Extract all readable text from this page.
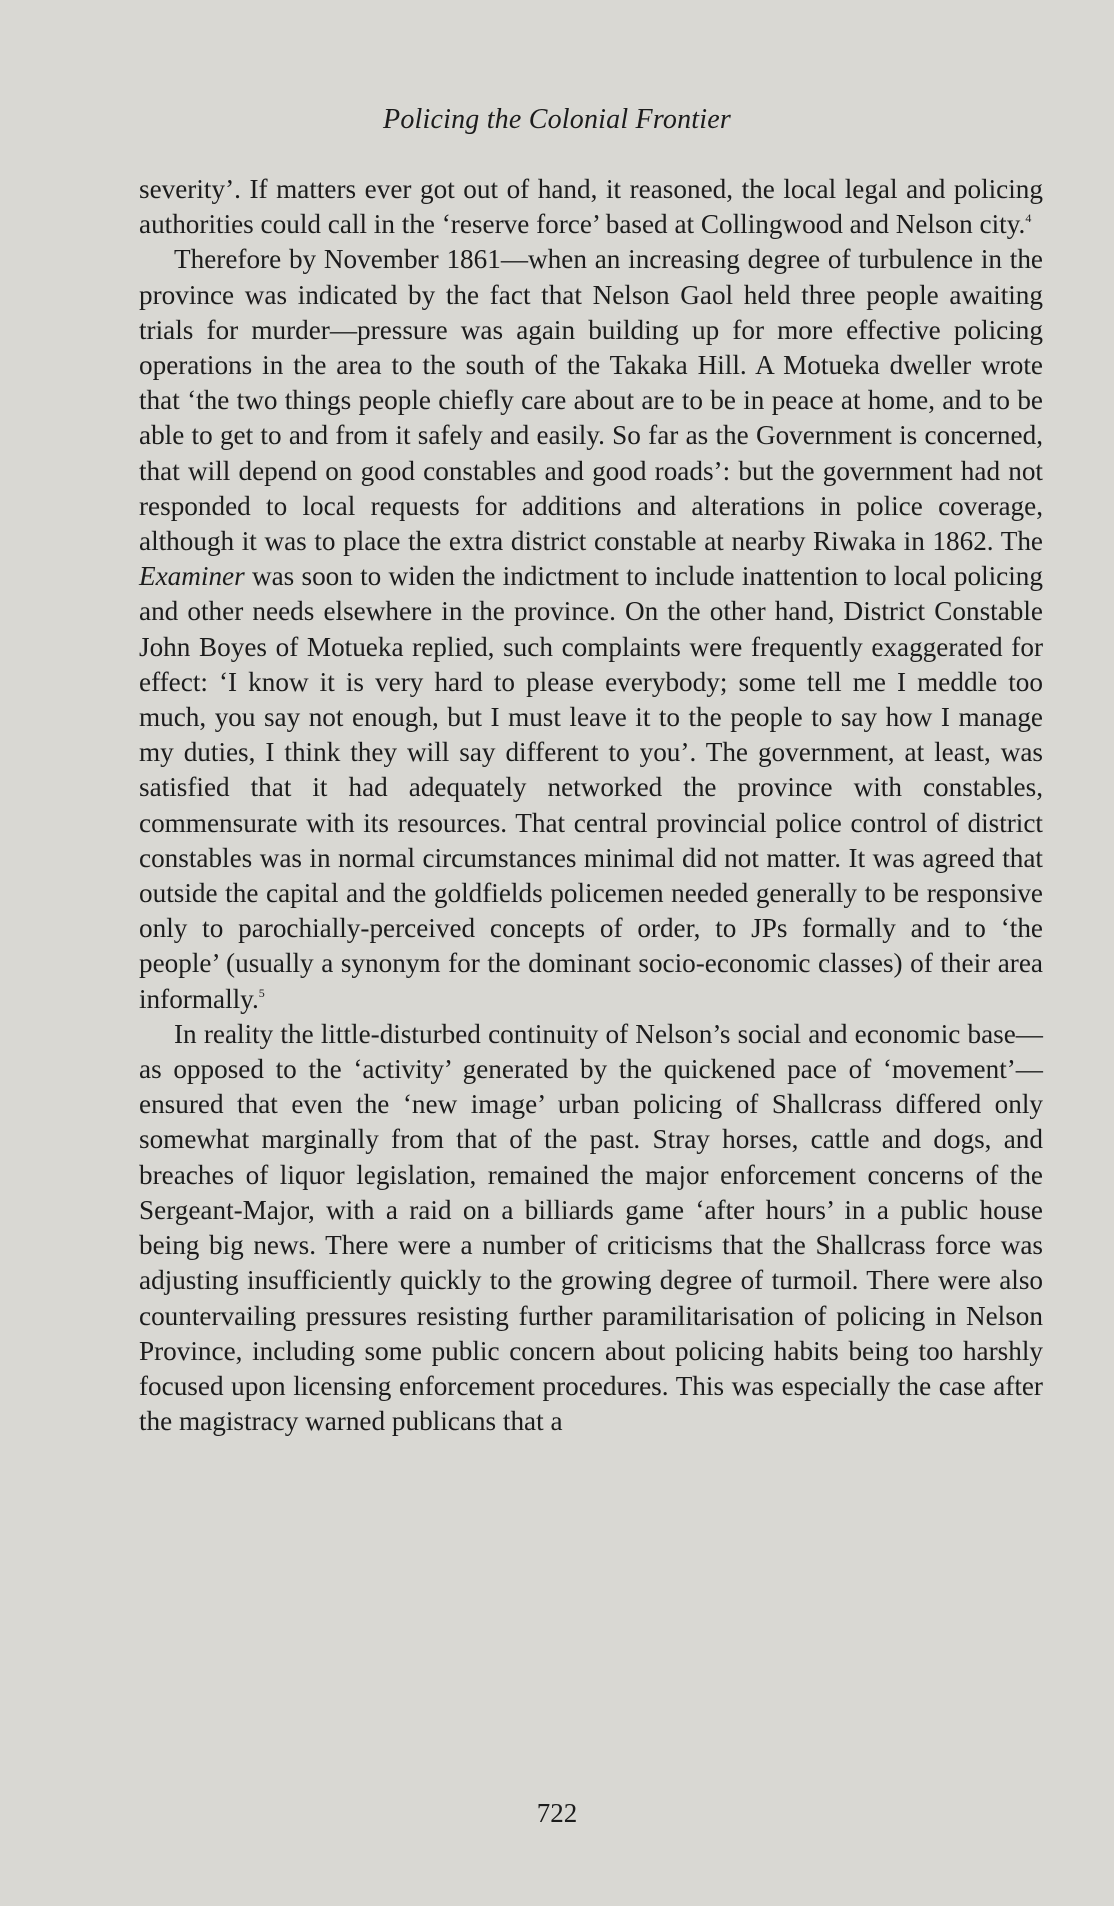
Policing the Colonial Frontier

severity’. If matters ever got out of hand, it reasoned, the local legal and policing authorities could call in the ‘reserve force’ based at Collingwood and Nelson city.$^4$

Therefore by November 1861—when an increasing degree of turbulence in the province was indicated by the fact that Nelson Gaol held three people awaiting trials for murder—pressure was again building up for more effective policing operations in the area to the south of the Takaka Hill. A Motueka dweller wrote that ‘the two things people chiefly care about are to be in peace at home, and to be able to get to and from it safely and easily. So far as the Government is concerned, that will depend on good constables and good roads’: but the government had not responded to local requests for additions and alterations in police coverage, although it was to place the extra district constable at nearby Riwaka in 1862. The Examiner was soon to widen the indictment to include inattention to local policing and other needs elsewhere in the province. On the other hand, District Constable John Boyes of Motueka replied, such complaints were frequently exaggerated for effect: ‘I know it is very hard to please everybody; some tell me I meddle too much, you say not enough, but I must leave it to the people to say how I manage my duties, I think they will say different to you’. The government, at least, was satisfied that it had adequately networked the province with constables, commensurate with its resources. That central provincial police control of district constables was in normal circumstances minimal did not matter. It was agreed that outside the capital and the goldfields policemen needed generally to be responsive only to parochially-perceived concepts of order, to JPs formally and to ‘the people’ (usually a synonym for the dominant socio-economic classes) of their area informally.$^5$

In reality the little-disturbed continuity of Nelson’s social and economic base—as opposed to the ‘activity’ generated by the quickened pace of ‘movement’—ensured that even the ‘new image’ urban policing of Shallcrass differed only somewhat marginally from that of the past. Stray horses, cattle and dogs, and breaches of liquor legislation, remained the major enforcement concerns of the Sergeant-Major, with a raid on a billiards game ‘after hours’ in a public house being big news. There were a number of criticisms that the Shallcrass force was adjusting insufficiently quickly to the growing degree of turmoil. There were also countervailing pressures resisting further paramilitarisation of policing in Nelson Province, including some public concern about policing habits being too harshly focused upon licensing enforcement procedures. This was especially the case after the magistracy warned publicans that a

722
